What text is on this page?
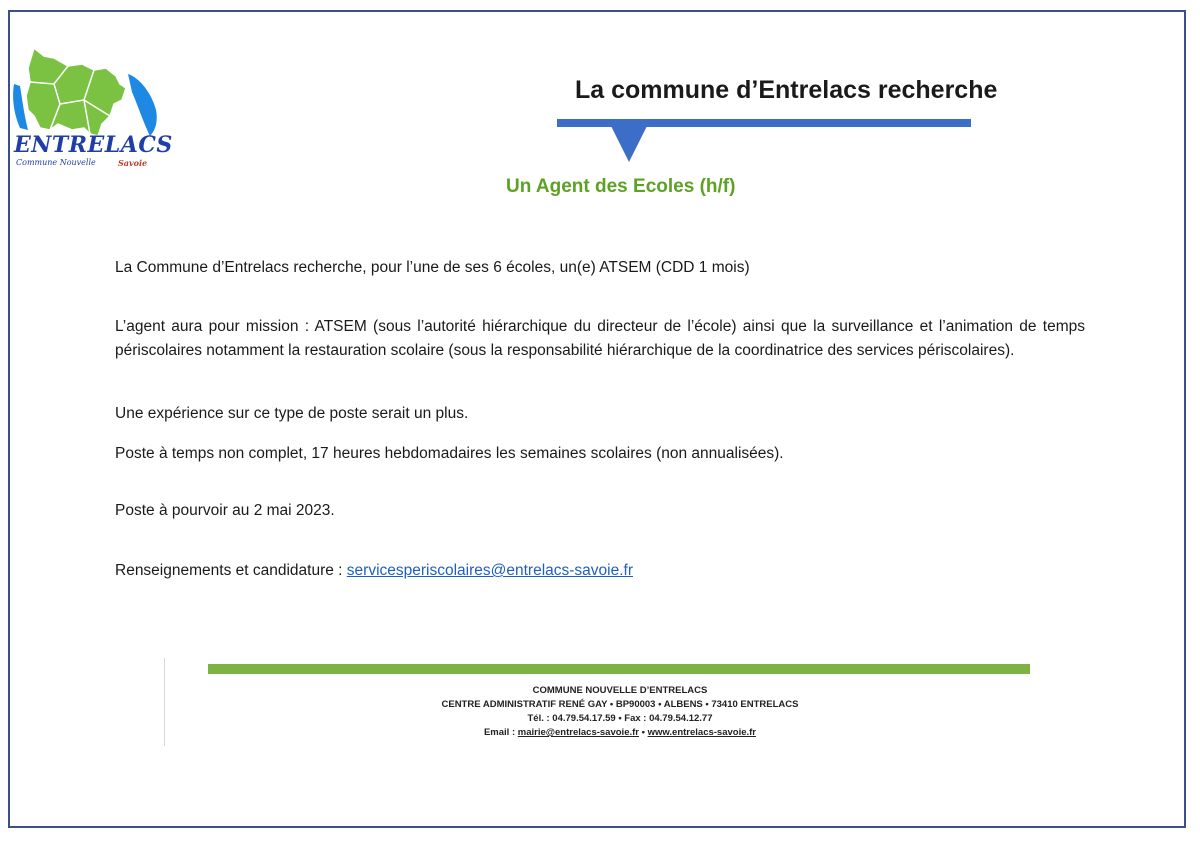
ENTRELACS
Commune Nouvelle	Savoie
La commune d’Entrelacs recherche
Un Agent des Ecoles (h/f)

La Commune d’Entrelacs recherche, pour l’une de ses 6 écoles, un(e) ATSEM (CDD 1 mois)

L’agent aura pour mission : ATSEM (sous l’autorité hiérarchique du directeur de l’école) ainsi que la surveillance et l’animation de temps périscolaires notamment la restauration scolaire (sous la responsabilité hiérarchique de la coordinatrice des services périscolaires).

Une expérience sur ce type de poste serait un plus.

Poste à temps non complet, 17 heures hebdomadaires les semaines scolaires (non annualisées).

Poste à pourvoir au 2 mai 2023.

Renseignements et candidature : servicesperiscolaires@entrelacs-savoie.fr

COMMUNE NOUVELLE D’ENTRELACS
CENTRE ADMINISTRATIF RENÉ GAY • BP90003 • ALBENS • 73410 ENTRELACS
Tél. : 04.79.54.17.59 • Fax : 04.79.54.12.77
Email : mairie@entrelacs-savoie.fr • www.entrelacs-savoie.fr
